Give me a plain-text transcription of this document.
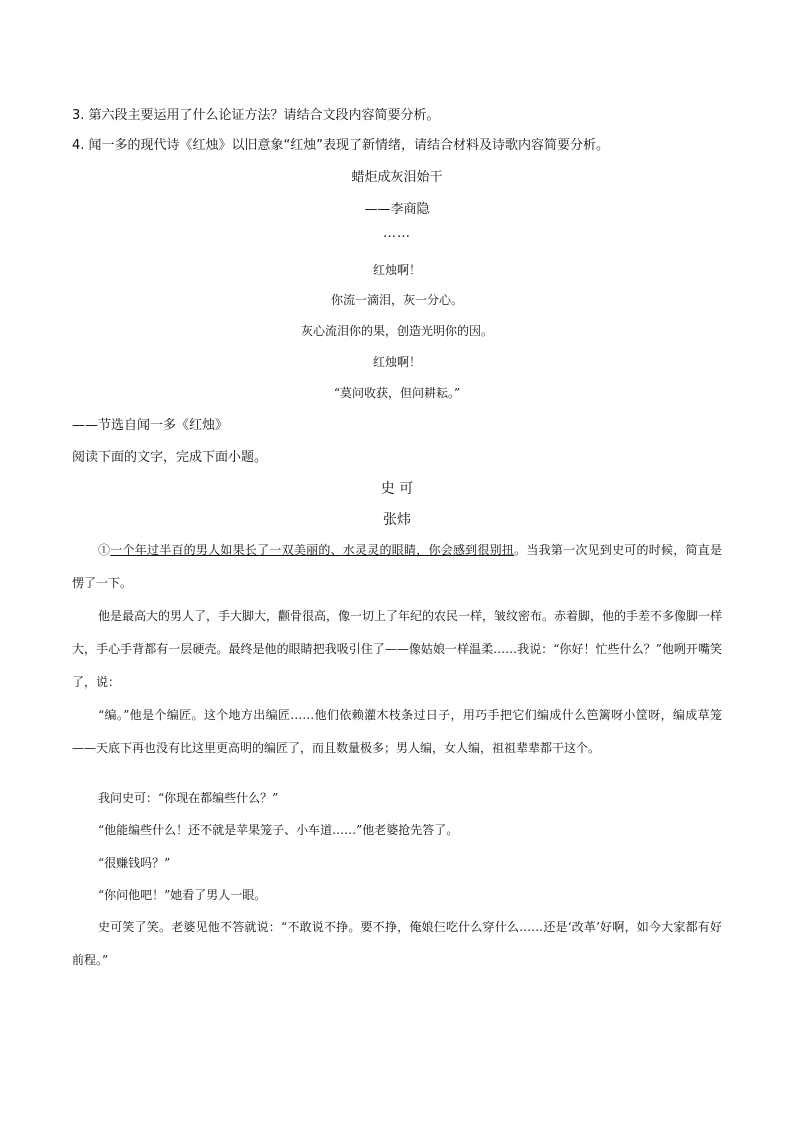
3. 第六段主要运用了什么论证方法？请结合文段内容简要分析。
4. 闻一多的现代诗《红烛》以旧意象“红烛”表现了新情绪，请结合材料及诗歌内容简要分析。
蜡炬成灰泪始干
——李商隐
……
红烛啊！
你流一滴泪，灰一分心。
灰心流泪你的果，创造光明你的因。
红烛啊！
“莫问收获，但问耕耘。”
——节选自闻一多《红烛》
阅读下面的文字，完成下面小题。
史 可
张炜
①一个年过半百的男人如果长了一双美丽的、水灵灵的眼睛，你会感到很别扭。当我第一次见到史可的时候，简直是愣了一下。
他是最高大的男人了，手大脚大，颧骨很高，像一切上了年纪的农民一样，皱纹密布。赤着脚，他的手差不多像脚一样大，手心手背都有一层硬壳。最终是他的眼睛把我吸引住了——像姑娘一样温柔……我说：“你好！忙些什么？”他咧开嘴笑了，说：
“编。”他是个编匠。这个地方出编匠……他们依赖灌木枝条过日子，用巧手把它们编成什么笆篱呀小筐呀，编成草笼——天底下再也没有比这里更高明的编匠了，而且数量极多；男人编，女人编，祖祖辈辈都干这个。
我问史可：“你现在都编些什么？”
“他能编些什么！还不就是苹果笼子、小车道……”他老婆抢先答了。
“很赚钱吗？”
“你问他吧！”她看了男人一眼。
史可笑了笑。老婆见他不答就说：“不敢说不挣。要不挣，俺娘仨吃什么穿什么……还是‘改革’好啊，如今大家都有好前程。”
